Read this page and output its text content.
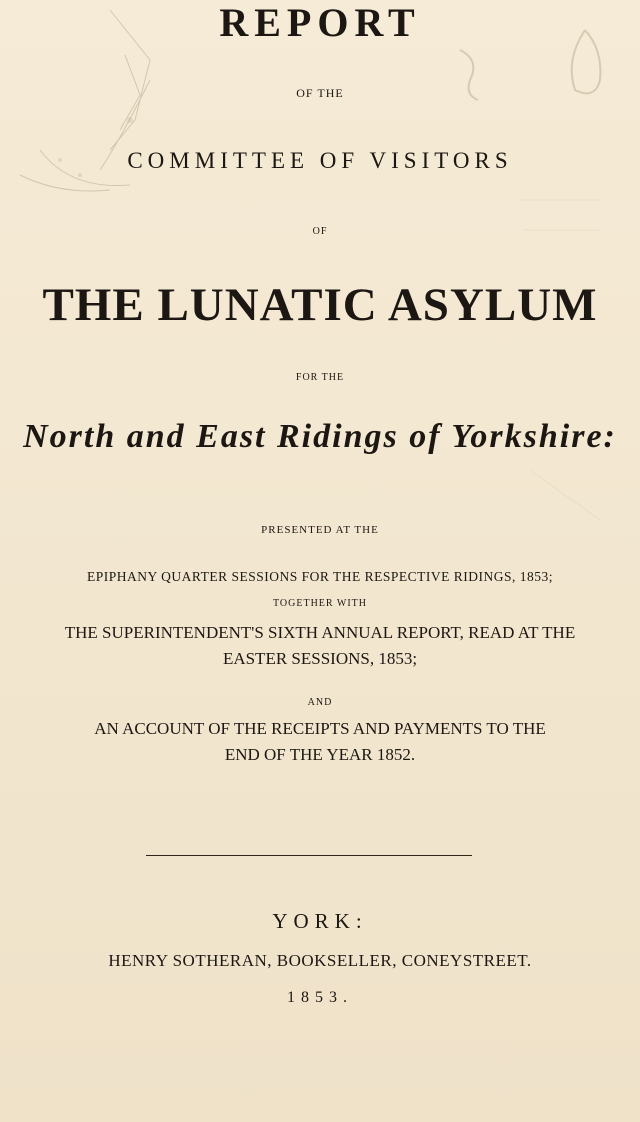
REPORT
OF THE
COMMITTEE OF VISITORS
OF
THE LUNATIC ASYLUM
FOR THE
North and East Ridings of Yorkshire:
PRESENTED AT THE
EPIPHANY QUARTER SESSIONS FOR THE RESPECTIVE RIDINGS, 1853;
TOGETHER WITH
THE SUPERINTENDENT'S SIXTH ANNUAL REPORT, READ AT THE
EASTER SESSIONS, 1853;
AND
AN ACCOUNT OF THE RECEIPTS AND PAYMENTS TO THE
END OF THE YEAR 1852.
YORK:
HENRY SOTHERAN, BOOKSELLER, CONEYSTREET.
1853.
